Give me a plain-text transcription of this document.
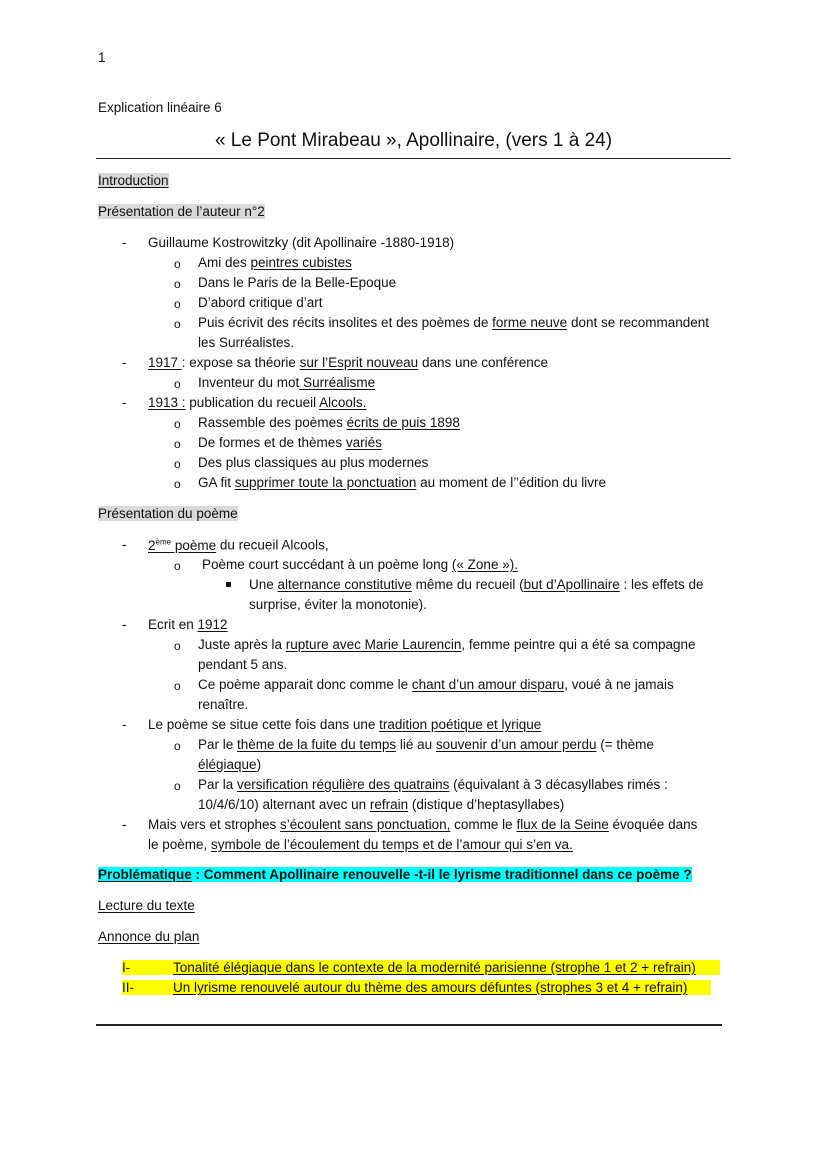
1
Explication linéaire 6
« Le Pont Mirabeau », Apollinaire, (vers 1 à 24)
Introduction
Présentation de l’auteur n°2
- Guillaume Kostrowitzky (dit Apollinaire -1880-1918)
o Ami des peintres cubistes
o Dans le Paris de la Belle-Epoque
o D’abord critique d’art
o Puis écrivit des récits insolites et des poèmes de forme neuve dont se recommandent
les Surréalistes.
- 1917 : expose sa théorie sur l’Esprit nouveau dans une conférence
o Inventeur du mot Surréalisme
- 1913 : publication du recueil Alcools.
o Rassemble des poèmes écrits de puis 1898
o De formes et de thèmes variés
o Des plus classiques au plus modernes
o GA fit supprimer toute la ponctuation au moment de l’’édition du livre
Présentation du poème
- 2ème poème du recueil Alcools,
o Poème court succédant à un poème long (« Zone »).
Une alternance constitutive même du recueil (but d’Apollinaire : les effets de
surprise, éviter la monotonie).
- Ecrit en 1912
o Juste après la rupture avec Marie Laurencin, femme peintre qui a été sa compagne
pendant 5 ans.
o Ce poème apparait donc comme le chant d’un amour disparu, voué à ne jamais
renaître.
- Le poème se situe cette fois dans une tradition poétique et lyrique
o Par le thème de la fuite du temps lié au souvenir d’un amour perdu (= thème
élégiaque)
o Par la versification régulière des quatrains (équivalant à 3 décasyllabes rimés :
10/4/6/10) alternant avec un refrain (distique d’heptasyllabes)
- Mais vers et strophes s’écoulent sans ponctuation, comme le flux de la Seine évoquée dans
le poème, symbole de l’écoulement du temps et de l’amour qui s’en va.
Problématique : Comment Apollinaire renouvelle -t-il le lyrisme traditionnel dans ce poème ?
Lecture du texte
Annonce du plan
I-	Tonalité élégiaque dans le contexte de la modernité parisienne (strophe 1 et 2 + refrain)
II-	Un lyrisme renouvelé autour du thème des amours défuntes (strophes 3 et 4 + refrain)
